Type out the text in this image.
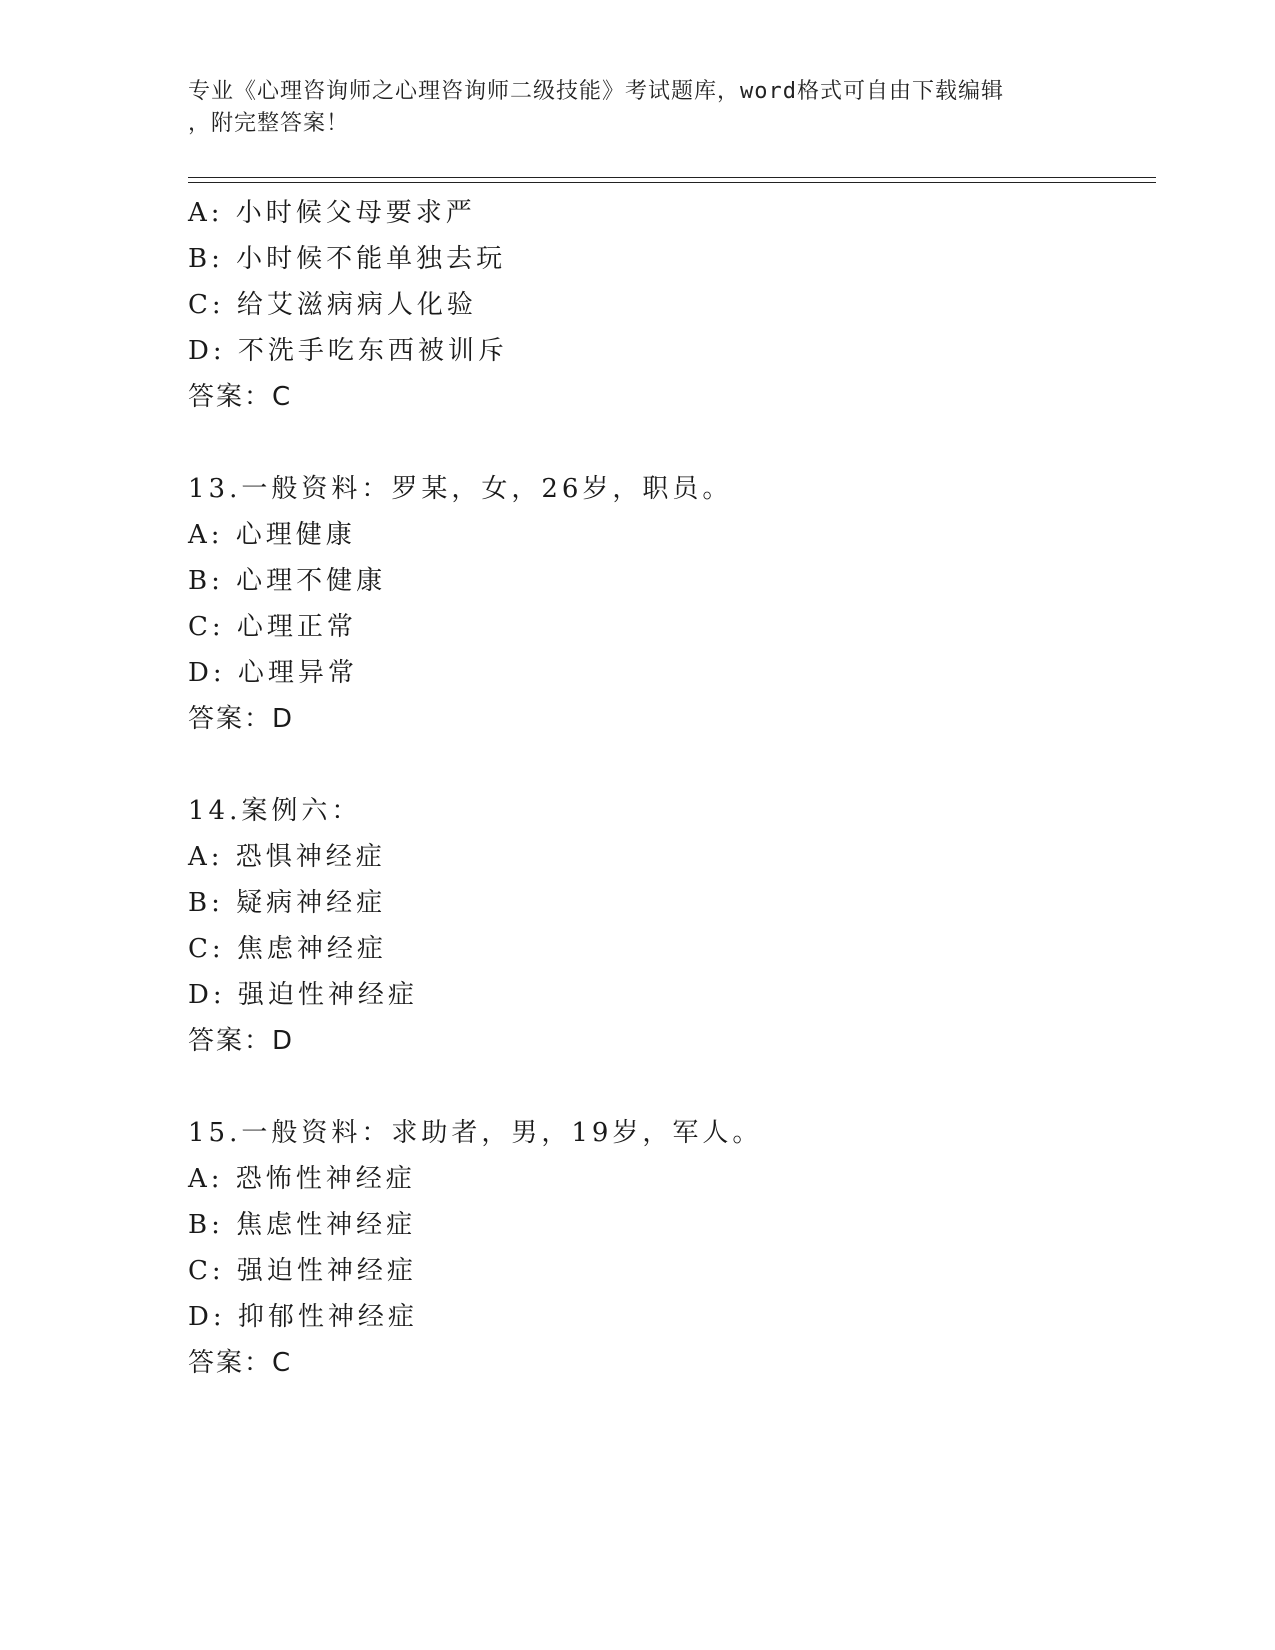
专业《心理咨询师之心理咨询师二级技能》考试题库，word格式可自由下载编辑
，附完整答案！
A: 小时候父母要求严
B: 小时候不能单独去玩
C: 给艾滋病病人化验
D: 不洗手吃东西被训斥
答案：C
13.一般资料：罗某，女，26岁，职员。
A: 心理健康
B: 心理不健康
C: 心理正常
D: 心理异常
答案：D
14.案例六：
A: 恐惧神经症
B: 疑病神经症
C: 焦虑神经症
D: 强迫性神经症
答案：D
15.一般资料：求助者，男，19岁，军人。
A: 恐怖性神经症
B: 焦虑性神经症
C: 强迫性神经症
D: 抑郁性神经症
答案：C
